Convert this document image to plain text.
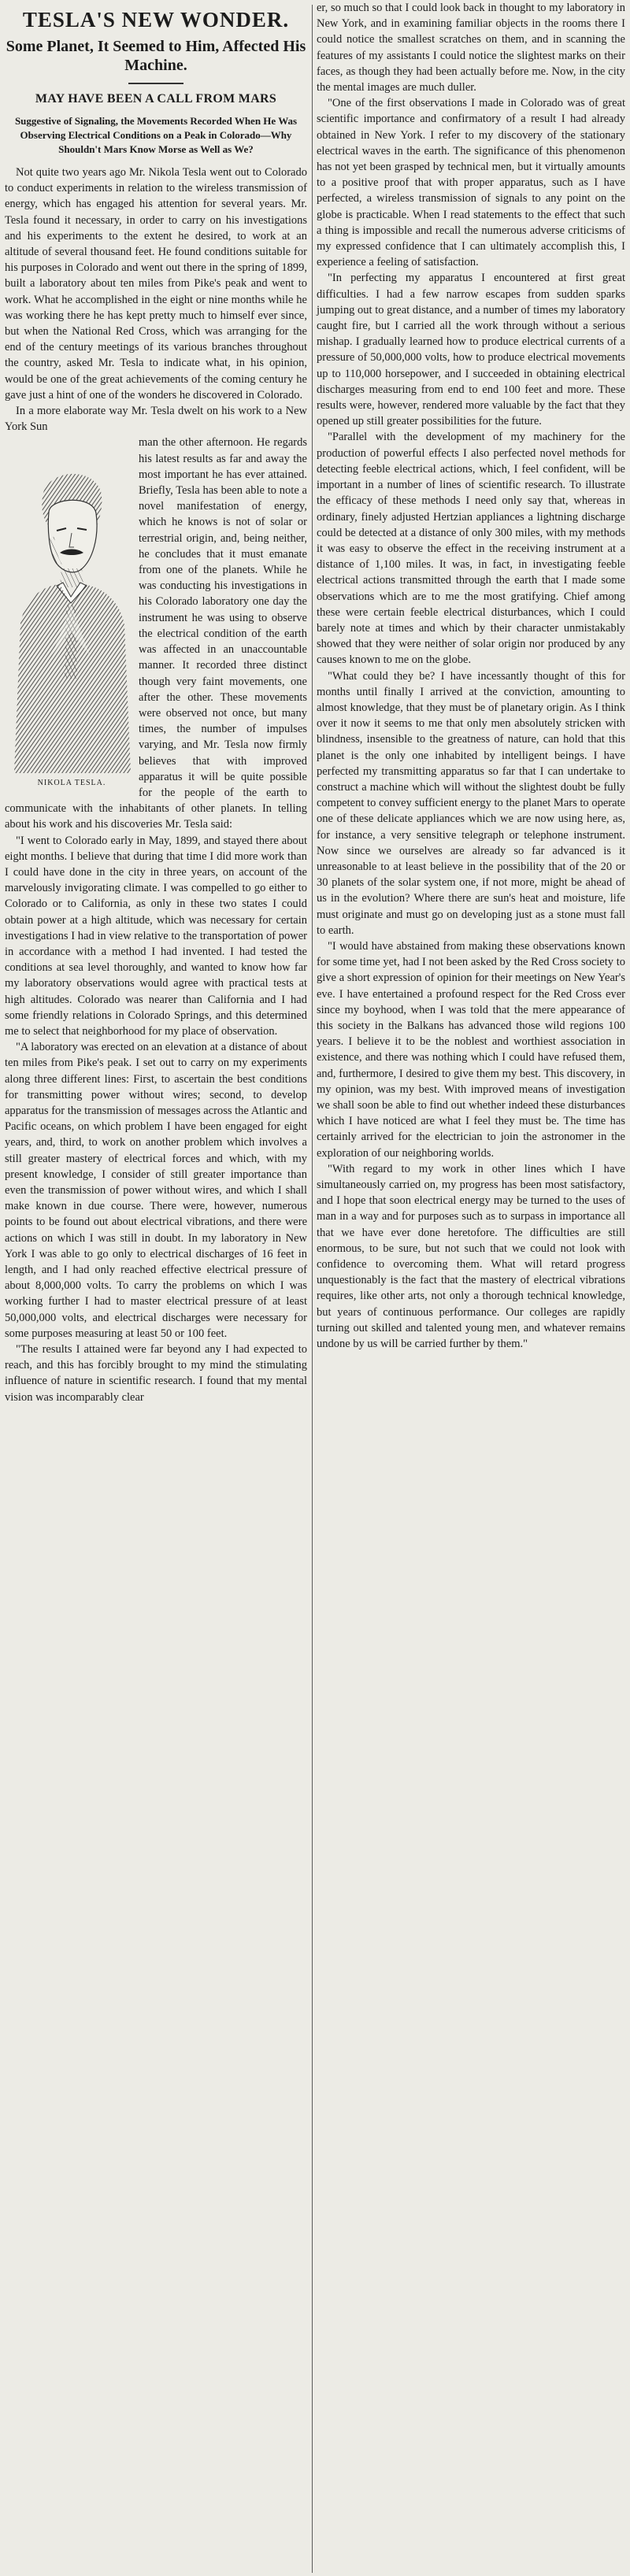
TESLA'S NEW WONDER.
Some Planet, It Seemed to Him, Affected His Machine.
MAY HAVE BEEN A CALL FROM MARS
Suggestive of Signaling, the Movements Recorded When He Was Observing Electrical Conditions on a Peak in Colorado—Why Shouldn't Mars Know Morse as Well as We?

Not quite two years ago Mr. Nikola Tesla went out to Colorado to conduct experiments in relation to the wireless transmission of energy, which has engaged his attention for several years. Mr. Tesla found it necessary, in order to carry on his investigations and his experiments to the extent he desired, to work at an altitude of several thousand feet. He found conditions suitable for his purposes in Colorado and went out there in the spring of 1899, built a laboratory about ten miles from Pike's peak and went to work. What he accomplished in the eight or nine months while he was working there he has kept pretty much to himself ever since, but when the National Red Cross, which was arranging for the end of the century meetings of its various branches throughout the country, asked Mr. Tesla to indicate what, in his opinion, would be one of the great achievements of the coming century he gave just a hint of one of the wonders he discovered in Colorado.

In a more elaborate way Mr. Tesla dwelt on his work to a New York Sun

NIKOLA TESLA.

man the other afternoon. He regards his latest results as far and away the most important he has ever attained. Briefly, Tesla has been able to note a novel manifestation of energy, which he knows is not of solar or terrestrial origin, and, being neither, he concludes that it must emanate from one of the planets. While he was conducting his investigations in his Colorado laboratory one day the instrument he was using to observe the electrical condition of the earth was affected in an unaccountable manner. It recorded three distinct though very faint movements, one after the other. These movements were observed not once, but many times, the number of impulses varying, and Mr. Tesla now firmly believes that with improved apparatus it will be quite possible for the people of the earth to communicate with the inhabitants of other planets. In telling about his work and his discoveries Mr. Tesla said:

"I went to Colorado early in May, 1899, and stayed there about eight months. I believe that during that time I did more work than I could have done in the city in three years, on account of the marvelously invigorating climate. I was compelled to go either to Colorado or to California, as only in these two states I could obtain power at a high altitude, which was necessary for certain investigations I had in view relative to the transportation of power in accordance with a method I had invented. I had tested the conditions at sea level thoroughly, and wanted to know how far my laboratory observations would agree with practical tests at high altitudes. Colorado was nearer than California and I had some friendly relations in Colorado Springs, and this determined me to select that neighborhood for my place of observation.

"A laboratory was erected on an elevation at a distance of about ten miles from Pike's peak. I set out to carry on my experiments along three different lines: First, to ascertain the best conditions for transmitting power without wires; second, to develop apparatus for the transmission of messages across the Atlantic and Pacific oceans, on which problem I have been engaged for eight years, and, third, to work on another problem which involves a still greater mastery of electrical forces and which, with my present knowledge, I consider of still greater importance than even the transmission of power without wires, and which I shall make known in due course. There were, however, numerous points to be found out about electrical vibrations, and there were actions on which I was still in doubt. In my laboratory in New York I was able to go only to electrical discharges of 16 feet in length, and I had only reached effective electrical pressure of about 8,000,000 volts. To carry the problems on which I was working further I had to master electrical pressure of at least 50,000,000 volts, and electrical discharges were necessary for some purposes measuring at least 50 or 100 feet.

"The results I attained were far beyond any I had expected to reach, and this has forcibly brought to my mind the stimulating influence of nature in scientific research. I found that my mental vision was incomparably clear

er, so much so that I could look back in thought to my laboratory in New York, and in examining familiar objects in the rooms there I could notice the smallest scratches on them, and in scanning the features of my assistants I could notice the slightest marks on their faces, as though they had been actually before me. Now, in the city the mental images are much duller.

"One of the first observations I made in Colorado was of great scientific importance and confirmatory of a result I had already obtained in New York. I refer to my discovery of the stationary electrical waves in the earth. The significance of this phenomenon has not yet been grasped by technical men, but it virtually amounts to a positive proof that with proper apparatus, such as I have perfected, a wireless transmission of signals to any point on the globe is practicable. When I read statements to the effect that such a thing is impossible and recall the numerous adverse criticisms of my expressed confidence that I can ultimately accomplish this, I experience a feeling of satisfaction.

"In perfecting my apparatus I encountered at first great difficulties. I had a few narrow escapes from sudden sparks jumping out to great distance, and a number of times my laboratory caught fire, but I carried all the work through without a serious mishap. I gradually learned how to produce electrical currents of a pressure of 50,000,000 volts, how to produce electrical movements up to 110,000 horsepower, and I succeeded in obtaining electrical discharges measuring from end to end 100 feet and more. These results were, however, rendered more valuable by the fact that they opened up still greater possibilities for the future.

"Parallel with the development of my machinery for the production of powerful effects I also perfected novel methods for detecting feeble electrical actions, which, I feel confident, will be important in a number of lines of scientific research. To illustrate the efficacy of these methods I need only say that, whereas in ordinary, finely adjusted Hertzian appliances a lightning discharge could be detected at a distance of only 300 miles, with my methods it was easy to observe the effect in the receiving instrument at a distance of 1,100 miles. It was, in fact, in investigating feeble electrical actions transmitted through the earth that I made some observations which are to me the most gratifying. Chief among these were certain feeble electrical disturbances, which I could barely note at times and which by their character unmistakably showed that they were neither of solar origin nor produced by any causes known to me on the globe.

"What could they be? I have incessantly thought of this for months until finally I arrived at the conviction, amounting to almost knowledge, that they must be of planetary origin. As I think over it now it seems to me that only men absolutely stricken with blindness, insensible to the greatness of nature, can hold that this planet is the only one inhabited by intelligent beings. I have perfected my transmitting apparatus so far that I can undertake to construct a machine which will without the slightest doubt be fully competent to convey sufficient energy to the planet Mars to operate one of these delicate appliances which we are now using here, as, for instance, a very sensitive telegraph or telephone instrument. Now since we ourselves are already so far advanced is it unreasonable to at least believe in the possibility that of the 20 or 30 planets of the solar system one, if not more, might be ahead of us in the evolution? Where there are sun's heat and moisture, life must originate and must go on developing just as a stone must fall to earth.

"I would have abstained from making these observations known for some time yet, had I not been asked by the Red Cross society to give a short expression of opinion for their meetings on New Year's eve. I have entertained a profound respect for the Red Cross ever since my boyhood, when I was told that the mere appearance of this society in the Balkans has advanced those wild regions 100 years. I believe it to be the noblest and worthiest association in existence, and there was nothing which I could have refused them, and, furthermore, I desired to give them my best. This discovery, in my opinion, was my best. With improved means of investigation we shall soon be able to find out whether indeed these disturbances which I have noticed are what I feel they must be. The time has certainly arrived for the electrician to join the astronomer in the exploration of our neighboring worlds.

"With regard to my work in other lines which I have simultaneously carried on, my progress has been most satisfactory, and I hope that soon electrical energy may be turned to the uses of man in a way and for purposes such as to surpass in importance all that we have ever done heretofore. The difficulties are still enormous, to be sure, but not such that we could not look with confidence to overcoming them. What will retard progress unquestionably is the fact that the mastery of electrical vibrations requires, like other arts, not only a thorough technical knowledge, but years of continuous performance. Our colleges are rapidly turning out skilled and talented young men, and whatever remains undone by us will be carried further by them."
